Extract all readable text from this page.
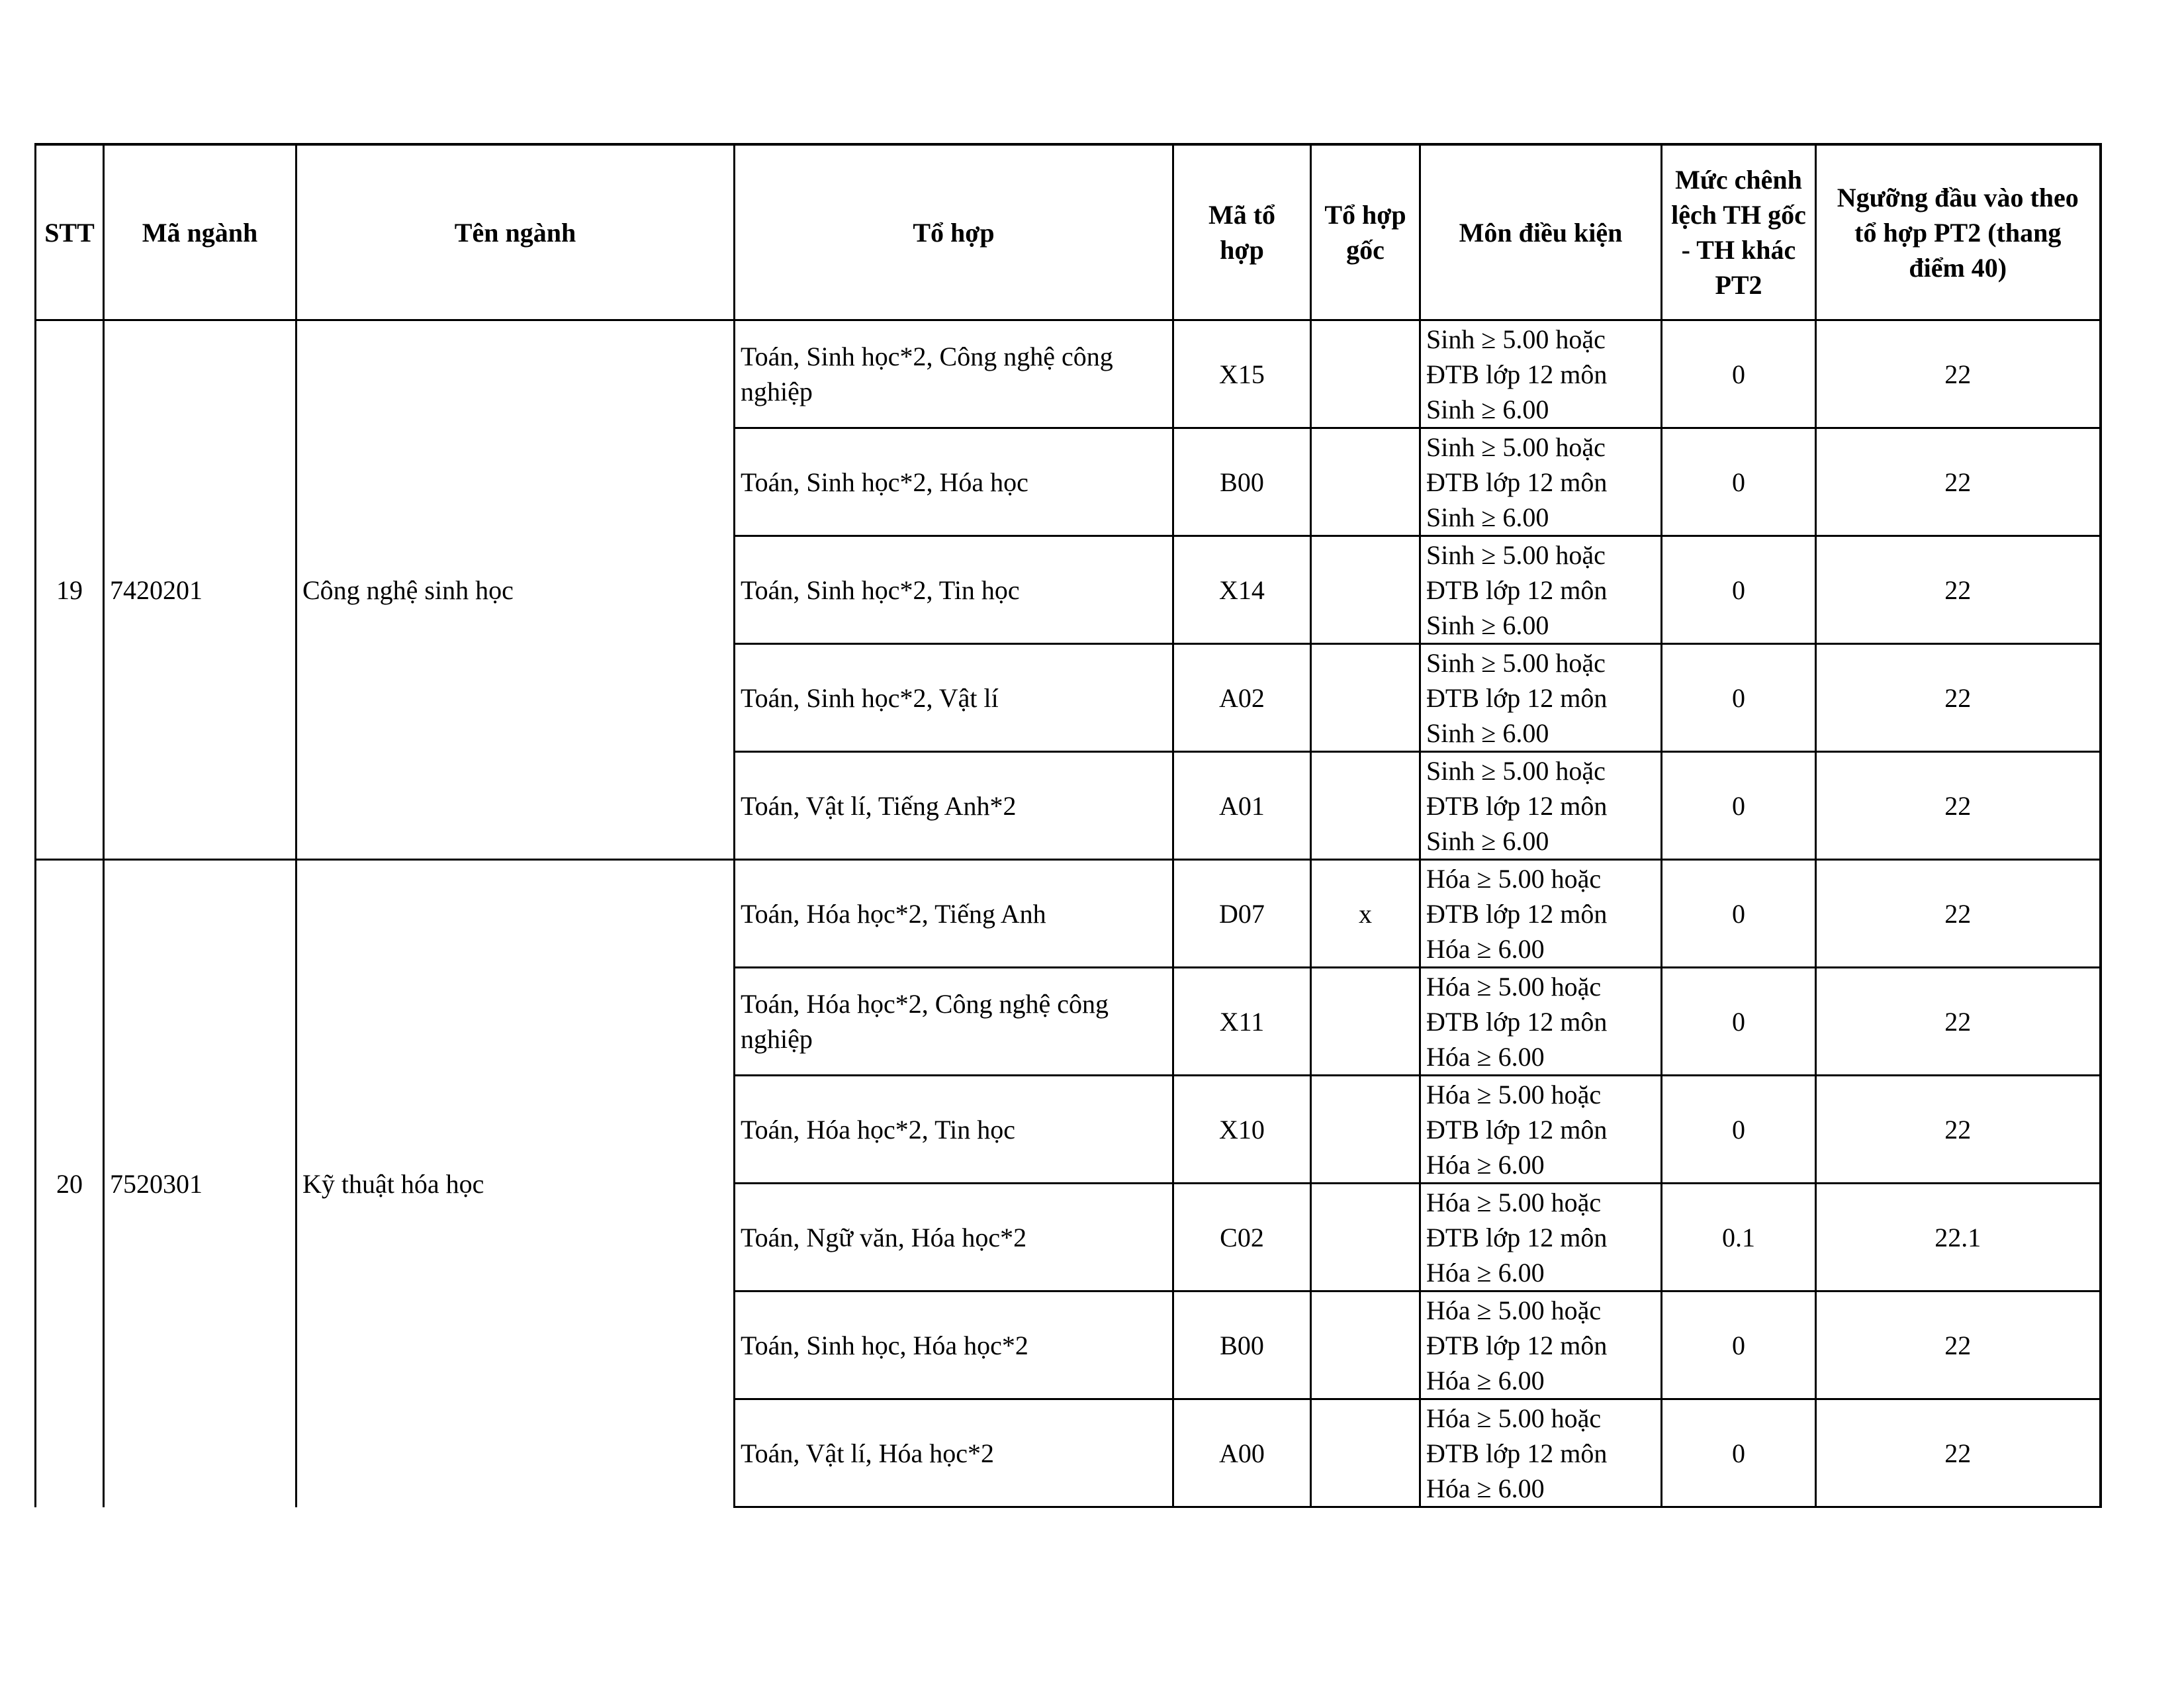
STT	Mã ngành	Tên ngành	Tổ hợp	Mã tổ hợp	Tổ hợp gốc	Môn điều kiện	Mức chênh lệch TH gốc - TH khác PT2	Ngưỡng đầu vào theo tổ hợp PT2 (thang điểm 40)
19	7420201	Công nghệ sinh học	Toán, Sinh học*2, Công nghệ công nghiệp	X15		Sinh ≥ 5.00 hoặc ĐTB lớp 12 môn Sinh ≥ 6.00	0	22
			Toán, Sinh học*2, Hóa học	B00		Sinh ≥ 5.00 hoặc ĐTB lớp 12 môn Sinh ≥ 6.00	0	22
			Toán, Sinh học*2, Tin học	X14		Sinh ≥ 5.00 hoặc ĐTB lớp 12 môn Sinh ≥ 6.00	0	22
			Toán, Sinh học*2, Vật lí	A02		Sinh ≥ 5.00 hoặc ĐTB lớp 12 môn Sinh ≥ 6.00	0	22
			Toán, Vật lí, Tiếng Anh*2	A01		Sinh ≥ 5.00 hoặc ĐTB lớp 12 môn Sinh ≥ 6.00	0	22
20	7520301	Kỹ thuật hóa học	Toán, Hóa học*2, Tiếng Anh	D07	x	Hóa ≥ 5.00 hoặc ĐTB lớp 12 môn Hóa ≥ 6.00	0	22
			Toán, Hóa học*2, Công nghệ công nghiệp	X11		Hóa ≥ 5.00 hoặc ĐTB lớp 12 môn Hóa ≥ 6.00	0	22
			Toán, Hóa học*2, Tin học	X10		Hóa ≥ 5.00 hoặc ĐTB lớp 12 môn Hóa ≥ 6.00	0	22
			Toán, Ngữ văn, Hóa học*2	C02		Hóa ≥ 5.00 hoặc ĐTB lớp 12 môn Hóa ≥ 6.00	0.1	22.1
			Toán, Sinh học, Hóa học*2	B00		Hóa ≥ 5.00 hoặc ĐTB lớp 12 môn Hóa ≥ 6.00	0	22
			Toán, Vật lí, Hóa học*2	A00		Hóa ≥ 5.00 hoặc ĐTB lớp 12 môn Hóa ≥ 6.00	0	22
